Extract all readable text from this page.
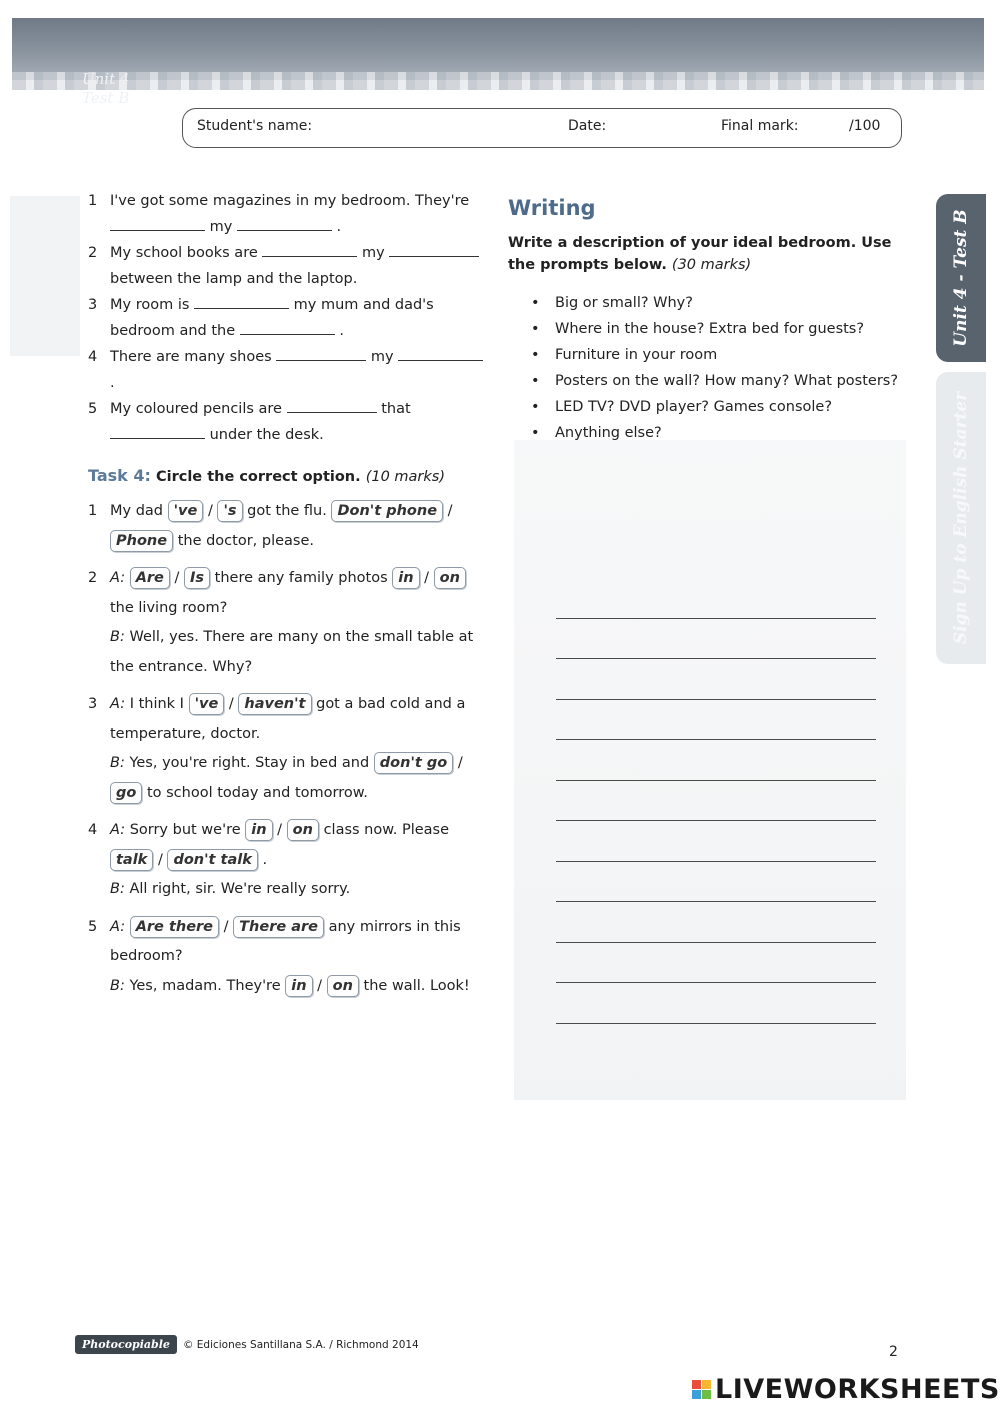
Unit 4
Test B
Student's name:	Date:	Final mark:	/100
1 I've got some magazines in my bedroom. They're
my	.
2 My school books are	my
between the lamp and the laptop.
3 My room is	my mum and dad's
bedroom and the	.
4 There are many shoes	my  .
5 My coloured pencils are	that
under the desk.
Task 4: Circle the correct option. (10 marks)
1 My dad 've / 's got the flu. Don't phone /
Phone the doctor, please.
2 A: Are / Is there any family photos in / on
the living room?
B: Well, yes. There are many on the small table at the entrance. Why?
3 A: I think I 've / haven't got a bad cold and a temperature, doctor.
B: Yes, you're right. Stay in bed and don't go /
go to school today and tomorrow.
4 A: Sorry but we're in / on class now. Please
talk / don't talk .
B: All right, sir. We're really sorry.
5 A: Are there / There are any mirrors in this bedroom?
B: Yes, madam. They're in / on the wall. Look!
Writing
Write a description of your ideal bedroom. Use the prompts below. (30 marks)
• Big or small? Why?
• Where in the house? Extra bed for guests?
• Furniture in your room
• Posters on the wall? How many? What posters?
• LED TV? DVD player? Games console?
• Anything else?
Unit 4 - Test B
Sign Up to English Starter
Photocopiable	© Ediciones Santillana S.A. / Richmond 2014	2
LIVEWORKSHEETS
